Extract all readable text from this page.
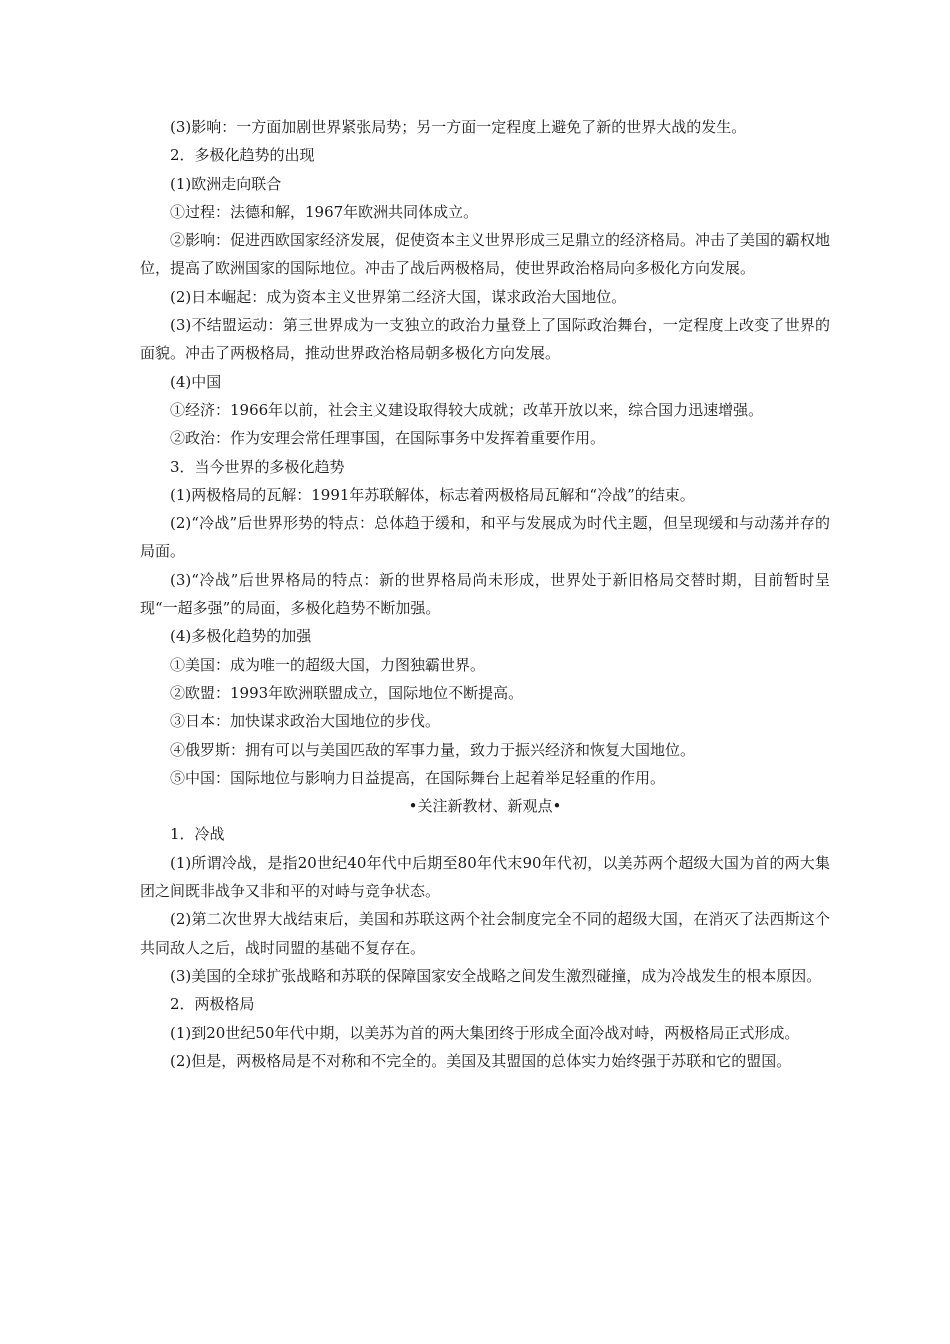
(3)影响：一方面加剧世界紧张局势；另一方面一定程度上避免了新的世界大战的发生。

2．多极化趋势的出现

(1)欧洲走向联合

①过程：法德和解，1967年欧洲共同体成立。

②影响：促进西欧国家经济发展，促使资本主义世界形成三足鼎立的经济格局。冲击了美国的霸权地位，提高了欧洲国家的国际地位。冲击了战后两极格局，使世界政治格局向多极化方向发展。

(2)日本崛起：成为资本主义世界第二经济大国，谋求政治大国地位。

(3)不结盟运动：第三世界成为一支独立的政治力量登上了国际政治舞台，一定程度上改变了世界的面貌。冲击了两极格局，推动世界政治格局朝多极化方向发展。

(4)中国

①经济：1966年以前，社会主义建设取得较大成就；改革开放以来，综合国力迅速增强。

②政治：作为安理会常任理事国，在国际事务中发挥着重要作用。

3．当今世界的多极化趋势

(1)两极格局的瓦解：1991年苏联解体，标志着两极格局瓦解和“冷战”的结束。

(2)“冷战”后世界形势的特点：总体趋于缓和，和平与发展成为时代主题，但呈现缓和与动荡并存的局面。

(3)“冷战”后世界格局的特点：新的世界格局尚未形成，世界处于新旧格局交替时期，目前暂时呈现“一超多强”的局面，多极化趋势不断加强。

(4)多极化趋势的加强

①美国：成为唯一的超级大国，力图独霸世界。

②欧盟：1993年欧洲联盟成立，国际地位不断提高。

③日本：加快谋求政治大国地位的步伐。

④俄罗斯：拥有可以与美国匹敌的军事力量，致力于振兴经济和恢复大国地位。

⑤中国：国际地位与影响力日益提高，在国际舞台上起着举足轻重的作用。

•关注新教材、新观点•

1．冷战

(1)所谓冷战，是指20世纪40年代中后期至80年代末90年代初，以美苏两个超级大国为首的两大集团之间既非战争又非和平的对峙与竞争状态。

(2)第二次世界大战结束后，美国和苏联这两个社会制度完全不同的超级大国，在消灭了法西斯这个共同敌人之后，战时同盟的基础不复存在。

(3)美国的全球扩张战略和苏联的保障国家安全战略之间发生激烈碰撞，成为冷战发生的根本原因。

2．两极格局

(1)到20世纪50年代中期，以美苏为首的两大集团终于形成全面冷战对峙，两极格局正式形成。

(2)但是，两极格局是不对称和不完全的。美国及其盟国的总体实力始终强于苏联和它的盟国。
